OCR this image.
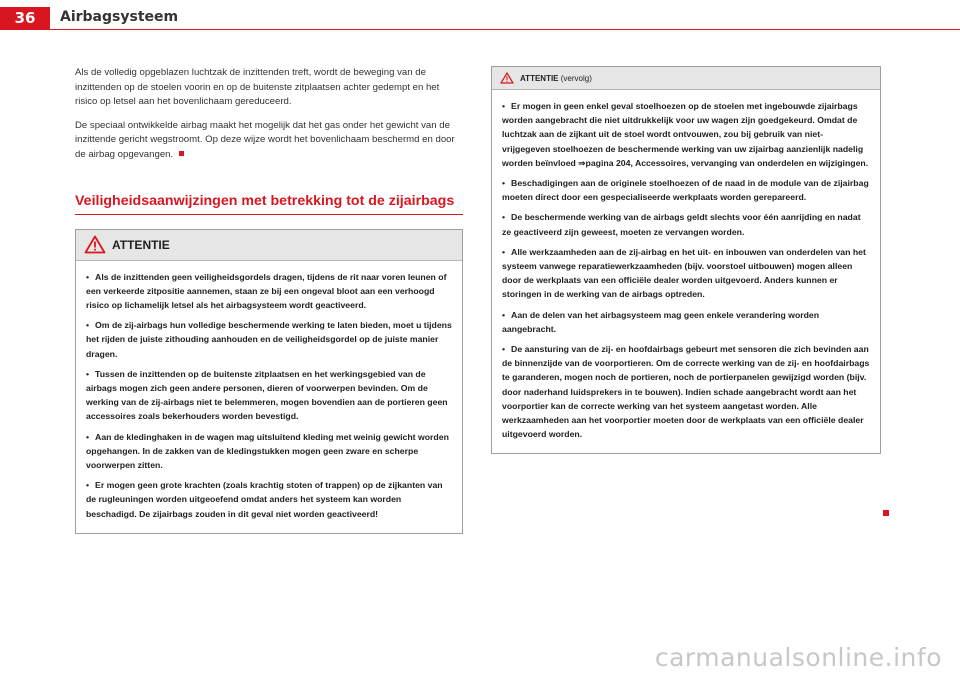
36	Airbagsysteem

Als de volledig opgeblazen luchtzak de inzittenden treft, wordt de beweging van de inzittenden op de stoelen voorin en op de buitenste zitplaatsen achter gedempt en het risico op letsel aan het bovenlichaam gereduceerd.

De speciaal ontwikkelde airbag maakt het mogelijk dat het gas onder het gewicht van de inzittende gericht wegstroomt. Op deze wijze wordt het bovenlichaam beschermd en door de airbag opgevangen.

Veiligheidsaanwijzingen met betrekking tot de zijairbags
ATTENTIE

• Als de inzittenden geen veiligheidsgordels dragen, tijdens de rit naar voren leunen of een verkeerde zitpositie aannemen, staan ze bij een ongeval bloot aan een verhoogd risico op lichamelijk letsel als het airbagsysteem wordt geactiveerd.

• Om de zij-airbags hun volledige beschermende werking te laten bieden, moet u tijdens het rijden de juiste zithouding aanhouden en de veiligheidsgordel op de juiste manier dragen.

• Tussen de inzittenden op de buitenste zitplaatsen en het werkingsgebied van de airbags mogen zich geen andere personen, dieren of voorwerpen bevinden. Om de werking van de zij-airbags niet te belemmeren, mogen bovendien aan de portieren geen accessoires zoals bekerhouders worden bevestigd.

• Aan de kledinghaken in de wagen mag uitsluitend kleding met weinig gewicht worden opgehangen. In de zakken van de kledingstukken mogen geen zware en scherpe voorwerpen zitten.

• Er mogen geen grote krachten (zoals krachtig stoten of trappen) op de zijkanten van de rugleuningen worden uitgeoefend omdat anders het systeem kan worden beschadigd. De zijairbags zouden in dit geval niet worden geactiveerd!

ATTENTIE (vervolg)

• Er mogen in geen enkel geval stoelhoezen op de stoelen met ingebouwde zijairbags worden aangebracht die niet uitdrukkelijk voor uw wagen zijn goedgekeurd. Omdat de luchtzak aan de zijkant uit de stoel wordt ontvouwen, zou bij gebruik van niet-vrijgegeven stoelhoezen de beschermende werking van uw zijairbag aanzienlijk nadelig worden beïnvloed ⇒pagina 204, Accessoires, vervanging van onderdelen en wijzigingen.

• Beschadigingen aan de originele stoelhoezen of de naad in de module van de zijairbag moeten direct door een gespecialiseerde werkplaats worden gerepareerd.

• De beschermende werking van de airbags geldt slechts voor één aanrijding en nadat ze geactiveerd zijn geweest, moeten ze vervangen worden.

• Alle werkzaamheden aan de zij-airbag en het uit- en inbouwen van onderdelen van het systeem vanwege reparatiewerkzaamheden (bijv. voorstoel uitbouwen) mogen alleen door de werkplaats van een officiële dealer worden uitgevoerd. Anders kunnen er storingen in de werking van de airbags optreden.

• Aan de delen van het airbagsysteem mag geen enkele verandering worden aangebracht.

• De aansturing van de zij- en hoofdairbags gebeurt met sensoren die zich bevinden aan de binnenzijde van de voorportieren. Om de correcte werking van de zij- en hoofdairbags te garanderen, mogen noch de portieren, noch de portierpanelen gewijzigd worden (bijv. door naderhand luidsprekers in te bouwen). Indien schade aangebracht wordt aan het voorportier kan de correcte werking van het systeem aangetast worden. Alle werkzaamheden aan het voorportier moeten door de werkplaats van een officiële dealer uitgevoerd worden.

carmanualsonline.info
